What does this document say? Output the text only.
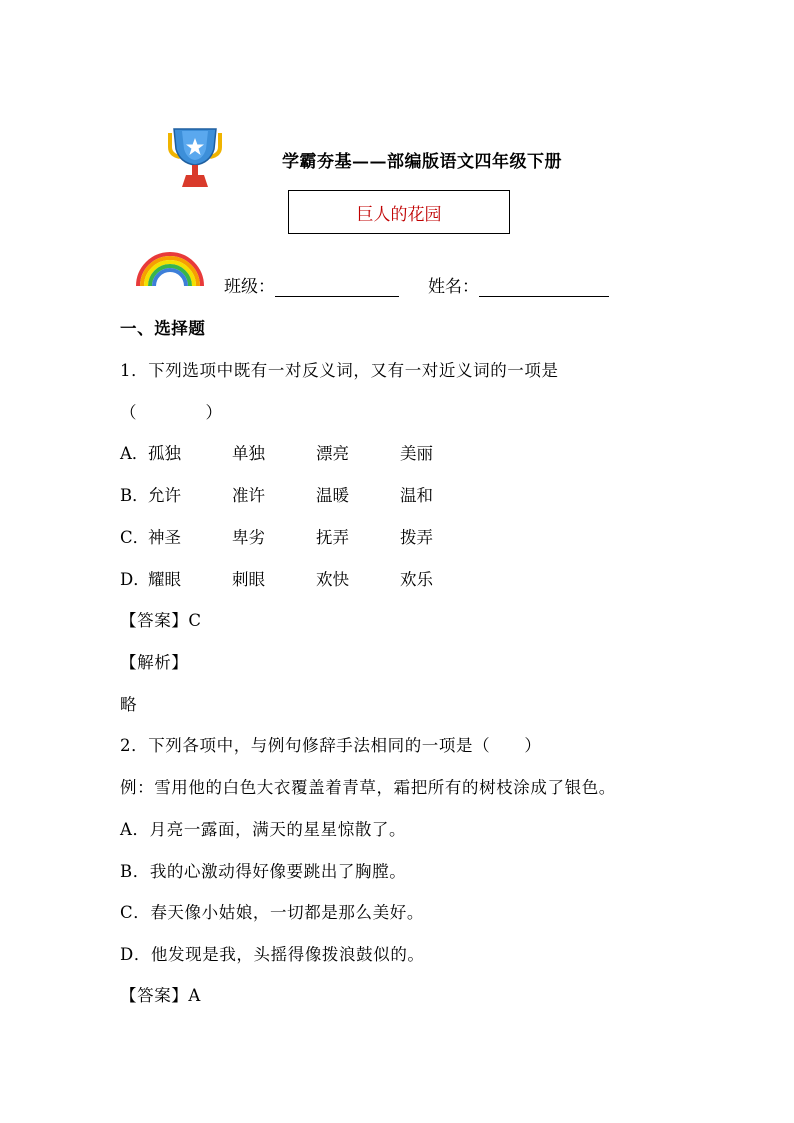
学霸夯基——部编版语文四年级下册
巨人的花园
班级：	姓名：
一、选择题
1．下列选项中既有一对反义词，又有一对近义词的一项是
（　　　　）
A． 孤独	单独	漂亮	美丽
B． 允许	准许	温暖	温和
C．
神圣	卑劣	抚弄	拨弄
D．
耀眼	刺眼	欢快	欢乐
【答案】C
【解析】
略
2．下列各项中，与例句修辞手法相同的一项是（　　）
例：雪用他的白色大衣覆盖着青草，霜把所有的树枝涂成了银色。
A．月亮一露面，满天的星星惊散了。
B．我的心激动得好像要跳出了胸膛。
C．春天像小姑娘，一切都是那么美好。
D．他发现是我，头摇得像拨浪鼓似的。
【答案】A
